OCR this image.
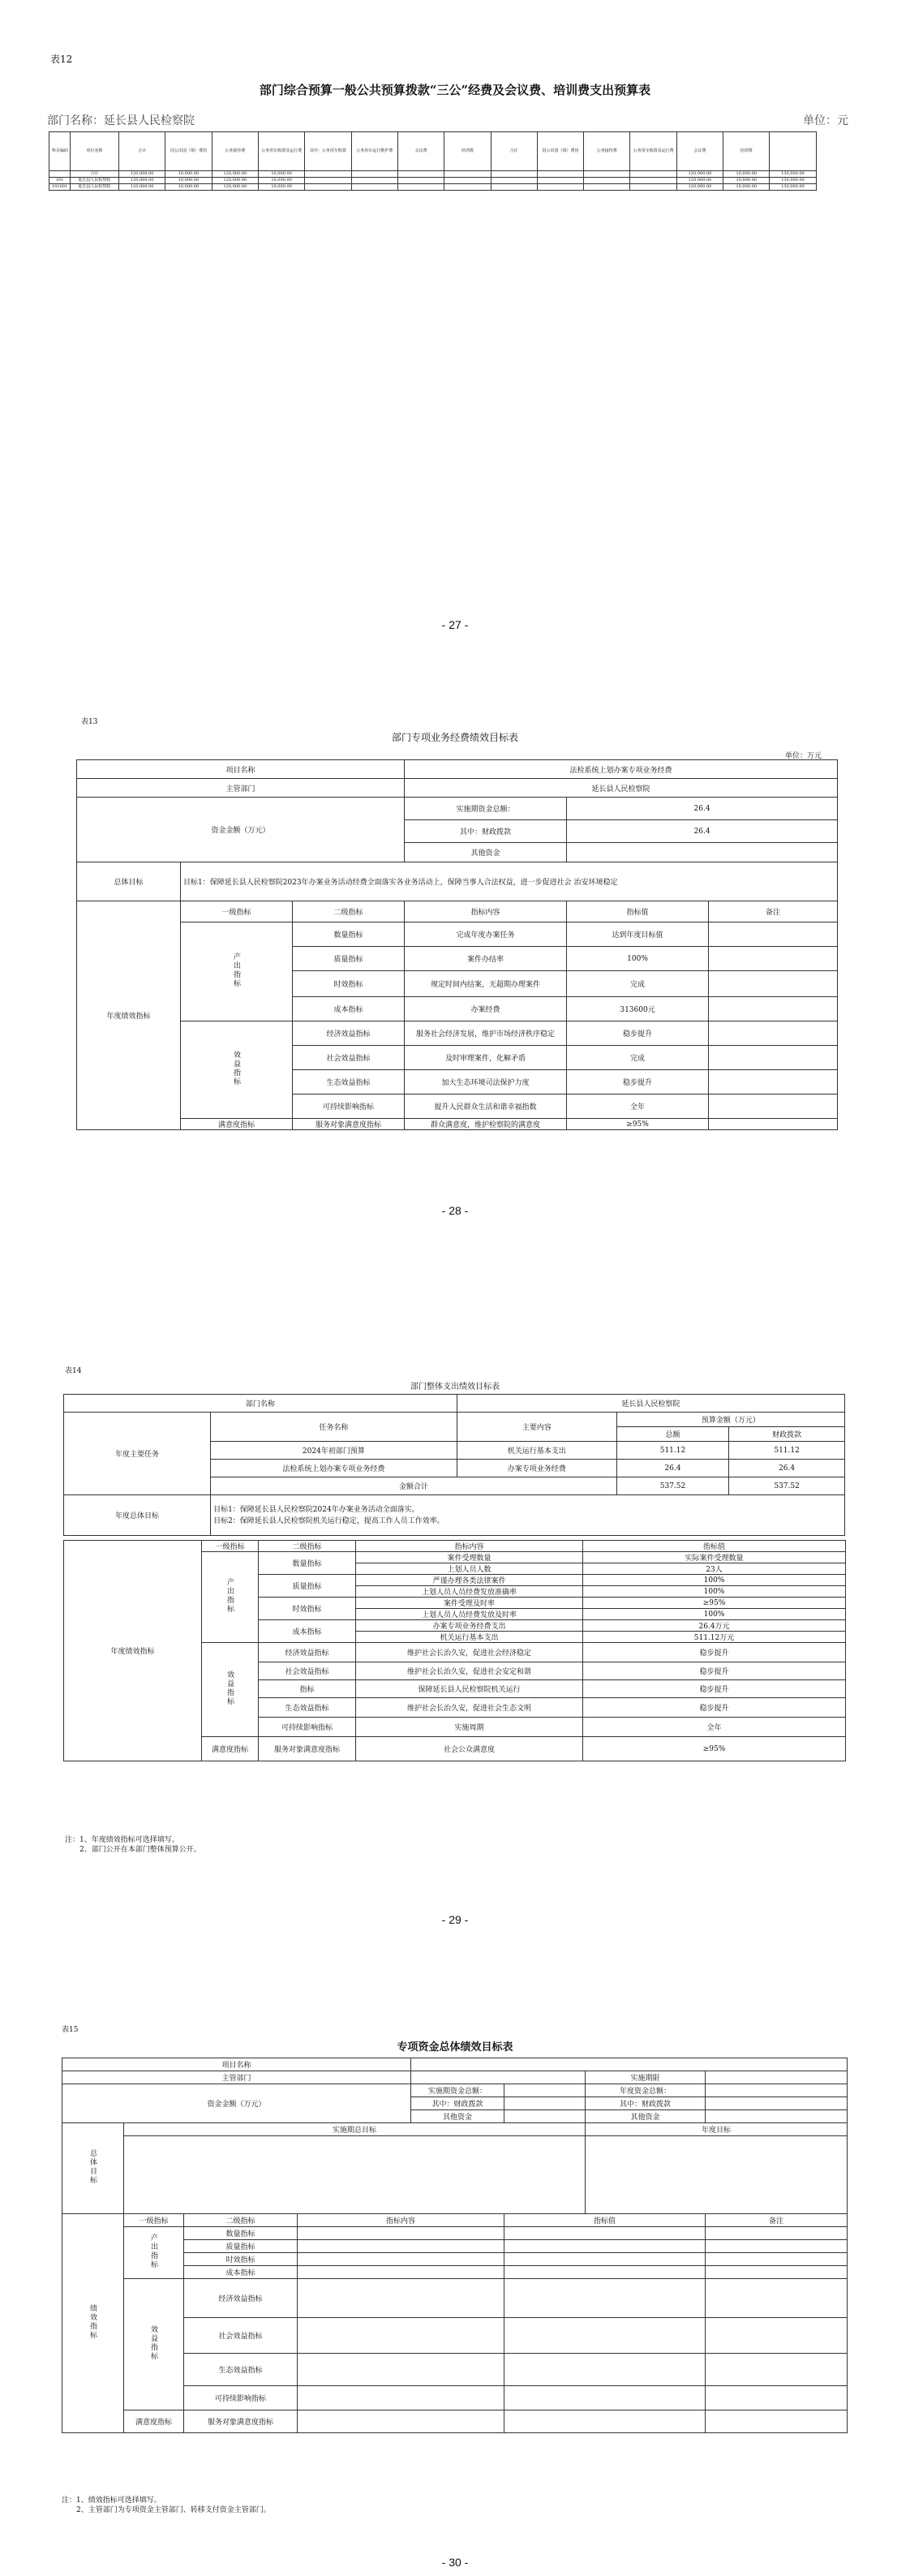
表12
部门综合预算一般公共预算拨款“三公”经费及会议费、培训费支出预算表
部门名称：延长县人民检察院	单位：元
科目编码	单位名称	合计	因公出国（境）费用	公务接待费	公务用车购置及运行费	其中：公务用车购置	公务用车运行维护费	会议费	培训费	合计	因公出国（境）费用	公务接待费	公务用车购置及运行费	会议费	培训费	
	合计	120,000.00	10,000.00	120,000.00	10,000.00									120,000.00	10,000.00	130,000.00
101	延长县人民检察院	120,000.00	10,000.00	120,000.00	10,000.00									120,000.00	10,000.00	130,000.00
101001	延长县人民检察院	120,000.00	10,000.00	120,000.00	10,000.00									120,000.00	10,000.00	130,000.00
- 27 -
表13
部门专项业务经费绩效目标表
单位：万元
项目名称			法检系统上划办案专项业务经费		
主管部门			延长县人民检察院		
资金金额（万元）			实施期资金总额：	26.4	
			其中：财政拨款	26.4	
			其他资金		
总体目标	目标1：保障延长县人民检察院2023年办案业务活动经费全面落实各业务活动上，保障当事人合法权益，进一步促进社会 治安环境稳定				
年度绩效指标	一级指标	二级指标	指标内容	指标值	备注
	产出指标	数量指标	完成年度办案任务	达到年度目标值	
		质量指标	案件办结率	100%	
		时效指标	规定时间内结案，无超期办理案件	完成	
		成本指标	办案经费	313600元	
	效益指标	经济效益指标	服务社会经济发展，维护市场经济秩序稳定	稳步提升	
		社会效益指标	及时审理案件，化解矛盾	完成	
		生态效益指标	加大生态环境司法保护力度	稳步提升	
		可持续影响指标	提升人民群众生活和谐幸福指数	全年	
	满意度指标	服务对象满意度指标	群众满意度，维护检察院的满意度	≥95%	
- 28 -
表14
部门整体支出绩效目标表
部门名称		延长县人民检察院		
年度主要任务	任务名称	主要内容	预算金额（万元）	
			总额	财政拨款
	2024年初部门预算	机关运行基本支出	511.12	511.12
	法检系统上划办案专项业务经费	办案专项业务经费	26.4	26.4
	金额合计		537.52	537.52
年度总体目标	目标1：保障延长县人民检察院2024年办案业务活动全面落实。
目标2：保障延长县人民检察院机关运行稳定，提高工作人员工作效率。			
年度绩效指标	一级指标	二级指标	指标内容	指标值
	产出指标	数量指标	案件受理数量	实际案件受理数量
			上划人员人数	23人
		质量指标	严谨办理各类法律案件	100%
			上划人员人员经费发放准确率	100%
		时效指标	案件受理及时率	≥95%
			上划人员人员经费发放及时率	100%
		成本指标	办案专项业务经费支出	26.4万元
			机关运行基本支出	511.12万元
	效益指标	经济效益指标	维护社会长治久安，促进社会经济稳定	稳步提升
		社会效益指标	维护社会长治久安，促进社会安定和谐	稳步提升
		指标	保障延长县人民检察院机关运行	稳步提升
		生态效益指标	维护社会长治久安，促进社会生态文明	稳步提升
		可持续影响指标	实施周期	全年
	满意度指标	服务对象满意度指标	社会公众满意度	≥95%
注：1、年度绩效指标可选择填写。
2、部门公开在本部门整体预算公开。
- 29 -
表15
专项资金总体绩效目标表
项目名称							
主管部门						实施期限	
资金金额（万元）				实施期资金总额：		年度资金总额：	
				其中：财政拨款		其中：财政拨款	
				其他资金		其他资金	
总体目标	实施期总目标					年度目标	

绩效指标	一级指标	二级指标	指标内容		指标值		备注
	产出指标	数量指标					
		质量指标					
		时效指标					
		成本指标					
	效益指标	经济效益指标					
		社会效益指标					
		生态效益指标					
		可持续影响指标					
	满意度指标	服务对象满意度指标					
注：1、绩效指标可选择填写。
2、主管部门为专项资金主管部门、转移支付资金主管部门。
- 30 -
